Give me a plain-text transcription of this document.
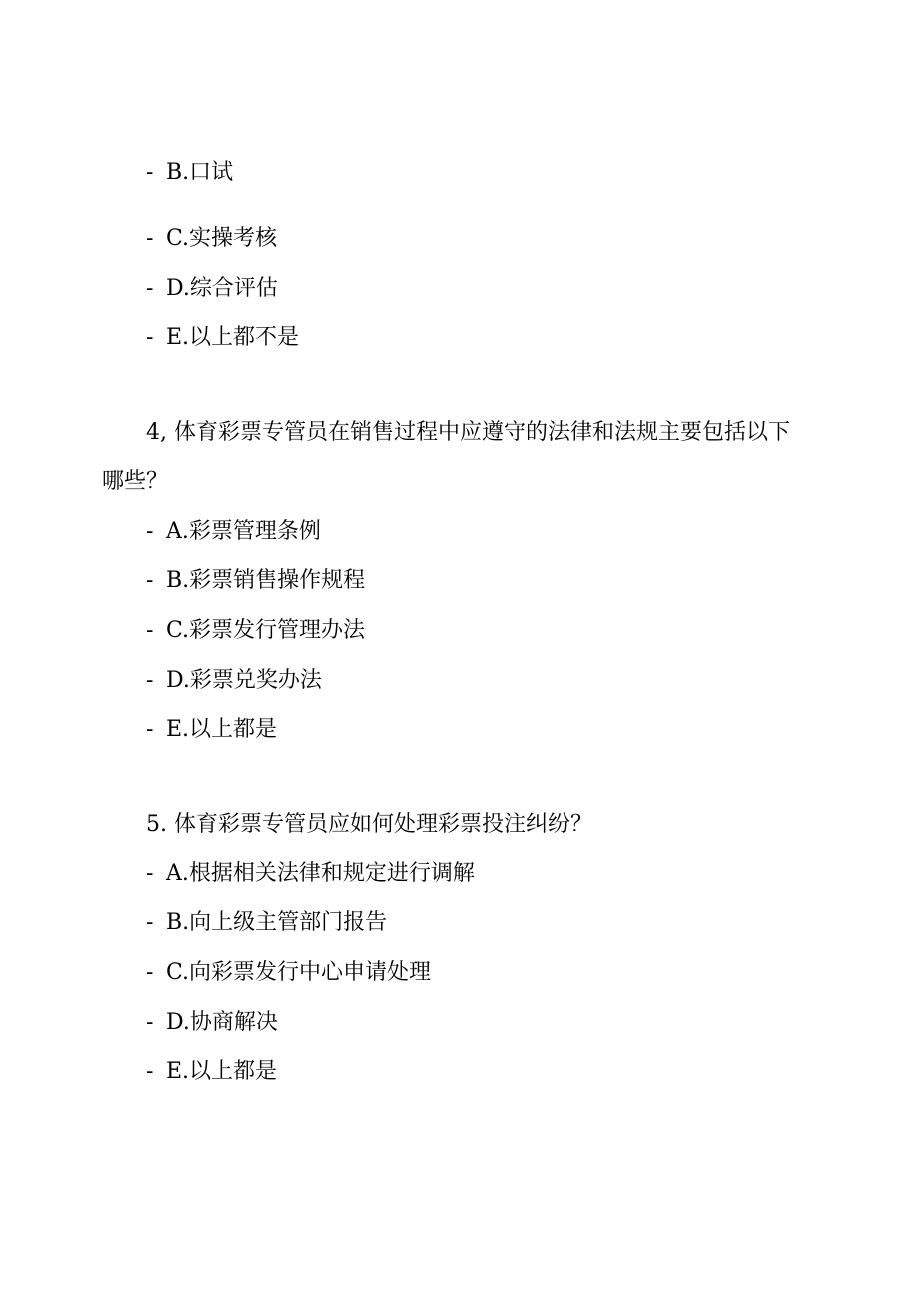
- B.口试
- C.实操考核
- D.综合评估
- E.以上都不是
4, 体育彩票专管员在销售过程中应遵守的法律和法规主要包括以下
哪些？
- A.彩票管理条例
- B.彩票销售操作规程
- C.彩票发行管理办法
- D.彩票兑奖办法
- E.以上都是
5. 体育彩票专管员应如何处理彩票投注纠纷？
- A.根据相关法律和规定进行调解
- B.向上级主管部门报告
- C.向彩票发行中心申请处理
- D.协商解决
- E.以上都是
